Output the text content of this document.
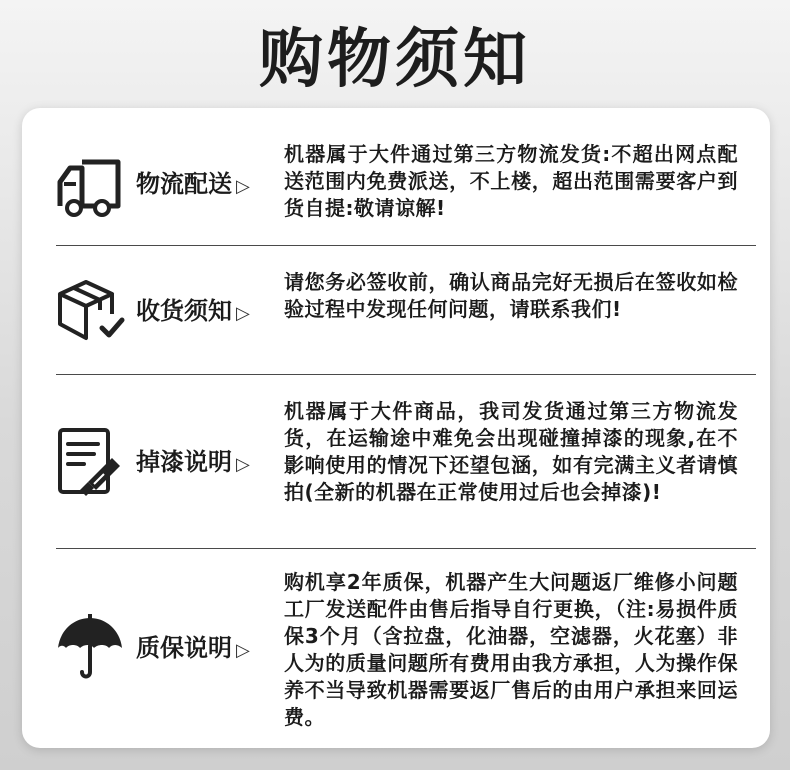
购物须知
物流配送 ▷
机器属于大件通过第三方物流发货:不超出网点配送范围内免费派送，不上楼，超出范围需要客户到货自提:敬请谅解!
收货须知 ▷
请您务必签收前，确认商品完好无损后在签收如检验过程中发现任何问题，请联系我们!
掉漆说明 ▷
机器属于大件商品，我司发货通过第三方物流发货，在运输途中难免会出现碰撞掉漆的现象,在不影响使用的情况下还望包涵，如有完满主义者请慎拍(全新的机器在正常使用过后也会掉漆)!
质保说明 ▷
购机享2年质保，机器产生大问题返厂维修小问题工厂发送配件由售后指导自行更换，（注:易损件质保3个月（含拉盘，化油器，空滤器，火花塞）非人为的质量问题所有费用由我方承担，人为操作保养不当导致机器需要返厂售后的由用户承担来回运费。
